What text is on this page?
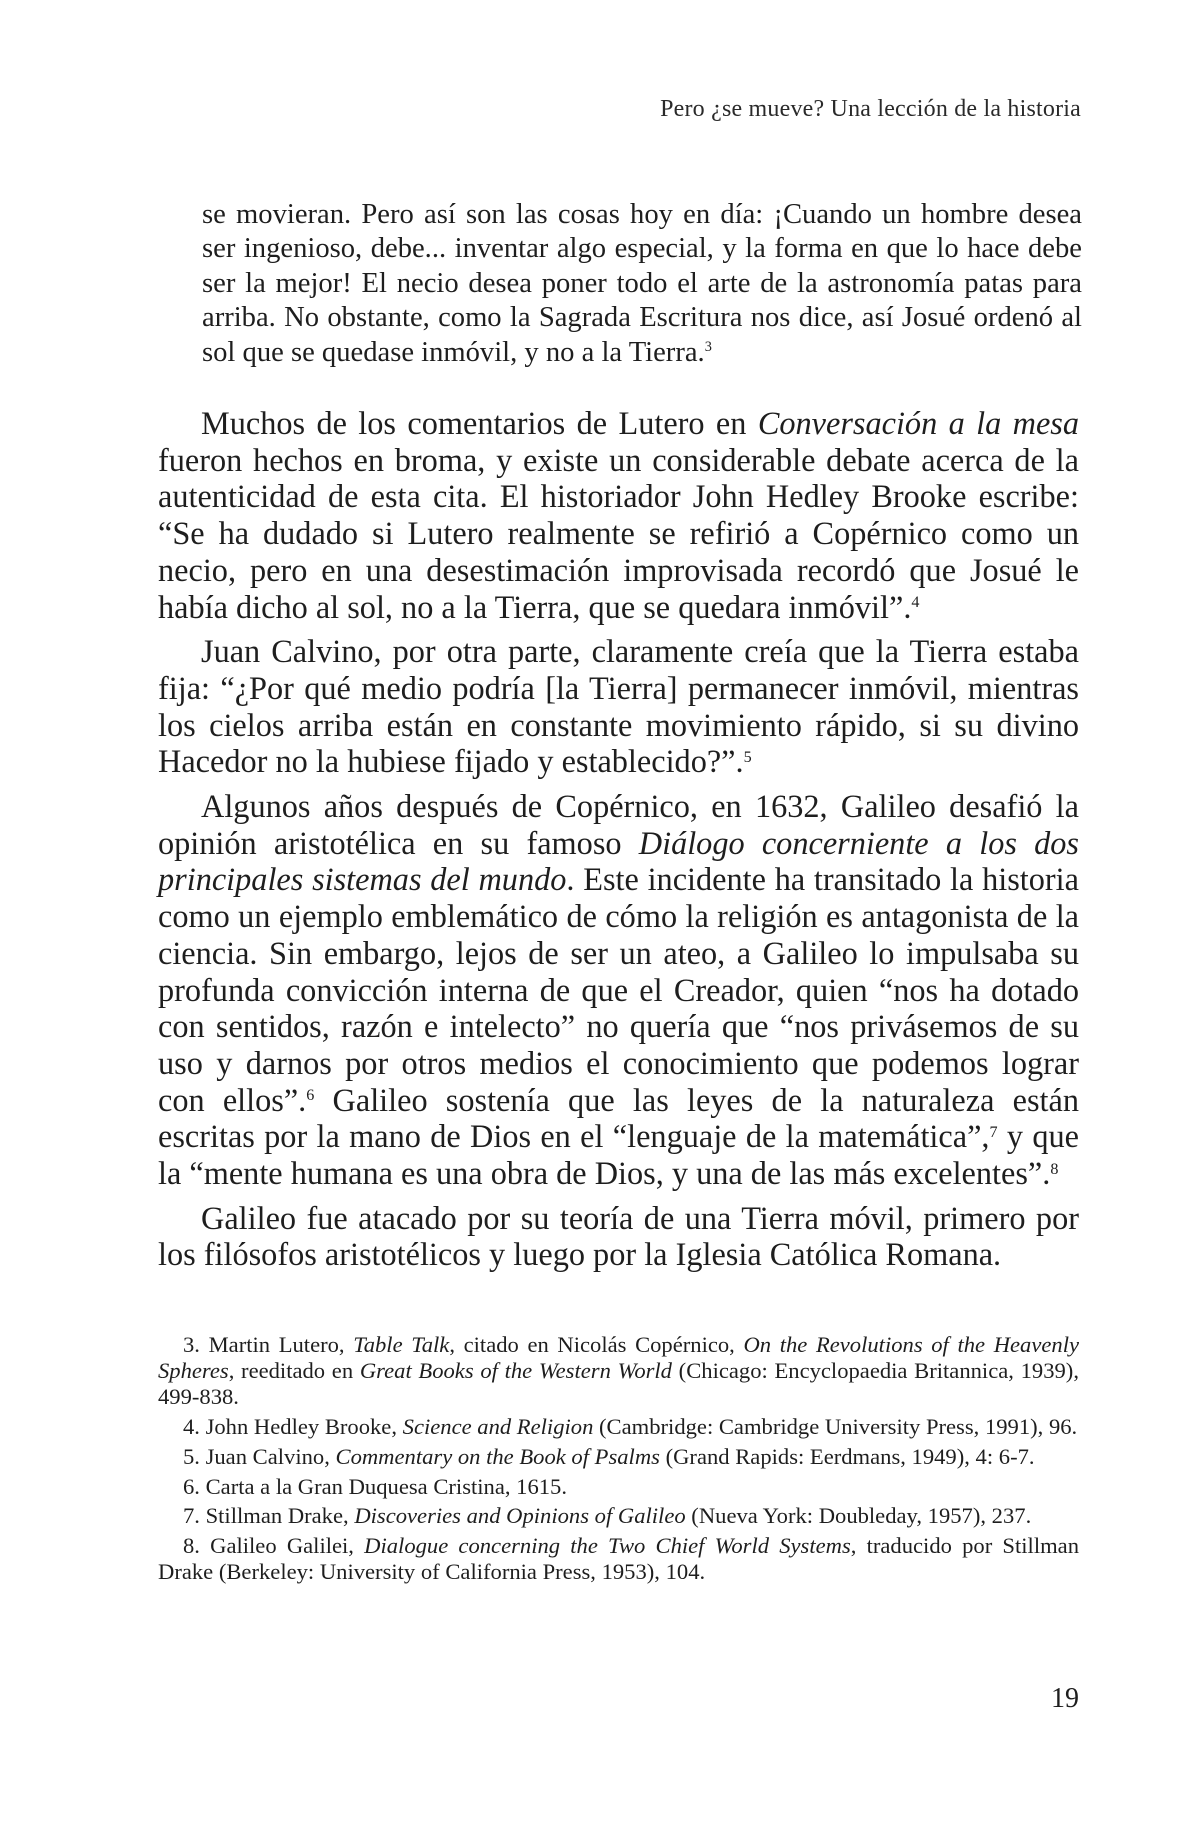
Pero ¿se mueve? Una lección de la historia

se movieran. Pero así son las cosas hoy en día: ¡Cuando un hombre desea ser ingenioso, debe... inventar algo especial, y la forma en que lo hace debe ser la mejor! El necio desea poner todo el arte de la astronomía patas para arriba. No obstante, como la Sagrada Escritura nos dice, así Josué ordenó al sol que se quedase inmóvil, y no a la Tierra.$^3$

Muchos de los comentarios de Lutero en Conversación a la mesa fueron hechos en broma, y existe un considerable debate acerca de la autenticidad de esta cita. El historiador John Hedley Brooke escribe: “Se ha dudado si Lutero realmente se refirió a Copérnico como un necio, pero en una desestimación improvisada recordó que Josué le había dicho al sol, no a la Tierra, que se quedara inmóvil”.$^4$

Juan Calvino, por otra parte, claramente creía que la Tierra estaba fija: “¿Por qué medio podría [la Tierra] permanecer inmóvil, mientras los cielos arriba están en constante movimiento rápido, si su divino Hacedor no la hubiese fijado y establecido?”.$^5$

Algunos años después de Copérnico, en 1632, Galileo desafió la opinión aristotélica en su famoso Diálogo concerniente a los dos principales sistemas del mundo. Este incidente ha transitado la historia como un ejemplo emblemático de cómo la religión es antagonista de la ciencia. Sin embargo, lejos de ser un ateo, a Galileo lo impulsaba su profunda convicción interna de que el Creador, quien “nos ha dotado con sentidos, razón e intelecto” no quería que “nos privásemos de su uso y darnos por otros medios el conocimiento que podemos lograr con ellos”.$^6$ Galileo sostenía que las leyes de la naturaleza están escritas por la mano de Dios en el “lenguaje de la matemática”,$^7$ y que la “mente humana es una obra de Dios, y una de las más excelentes”.$^8$

Galileo fue atacado por su teoría de una Tierra móvil, primero por los filósofos aristotélicos y luego por la Iglesia Católica Romana.

3. Martin Lutero, Table Talk, citado en Nicolás Copérnico, On the Revolutions of the Heavenly Spheres, reeditado en Great Books of the Western World (Chicago: Encyclopaedia Britannica, 1939), 499-838.

4. John Hedley Brooke, Science and Religion (Cambridge: Cambridge University Press, 1991), 96.

5. Juan Calvino, Commentary on the Book of Psalms (Grand Rapids: Eerdmans, 1949), 4: 6-7.

6. Carta a la Gran Duquesa Cristina, 1615.

7. Stillman Drake, Discoveries and Opinions of Galileo (Nueva York: Doubleday, 1957), 237.

8. Galileo Galilei, Dialogue concerning the Two Chief World Systems, traducido por Stillman Drake (Berkeley: University of California Press, 1953), 104.

19
